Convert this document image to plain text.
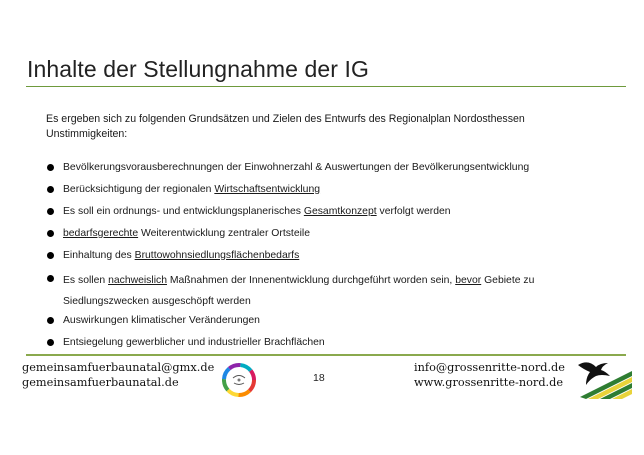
Inhalte der Stellungnahme der IG
Es ergeben sich zu folgenden Grundsätzen und Zielen des Entwurfs des Regionalplan Nordosthessen Unstimmigkeiten:
Bevölkerungsvorausberechnungen der Einwohnerzahl & Auswertungen der Bevölkerungsentwicklung
Berücksichtigung der regionalen Wirtschaftsentwicklung
Es soll ein ordnungs- und entwicklungsplanerisches Gesamtkonzept verfolgt werden
bedarfsgerechte Weiterentwicklung zentraler Ortsteile
Einhaltung des Bruttowohnsiedlungsflächenbedarfs
Es sollen nachweislich Maßnahmen der Innenentwicklung durchgeführt worden sein, bevor Gebiete zu Siedlungszwecken ausgeschöpft werden
Auswirkungen klimatischer Veränderungen
Entsiegelung gewerblicher und industrieller Brachflächen
gemeinsamfuerbaunatal@gmx.de
gemeinsamfuerbaunatal.de	18
info@grossenritte-nord.de
www.grossenritte-nord.de
